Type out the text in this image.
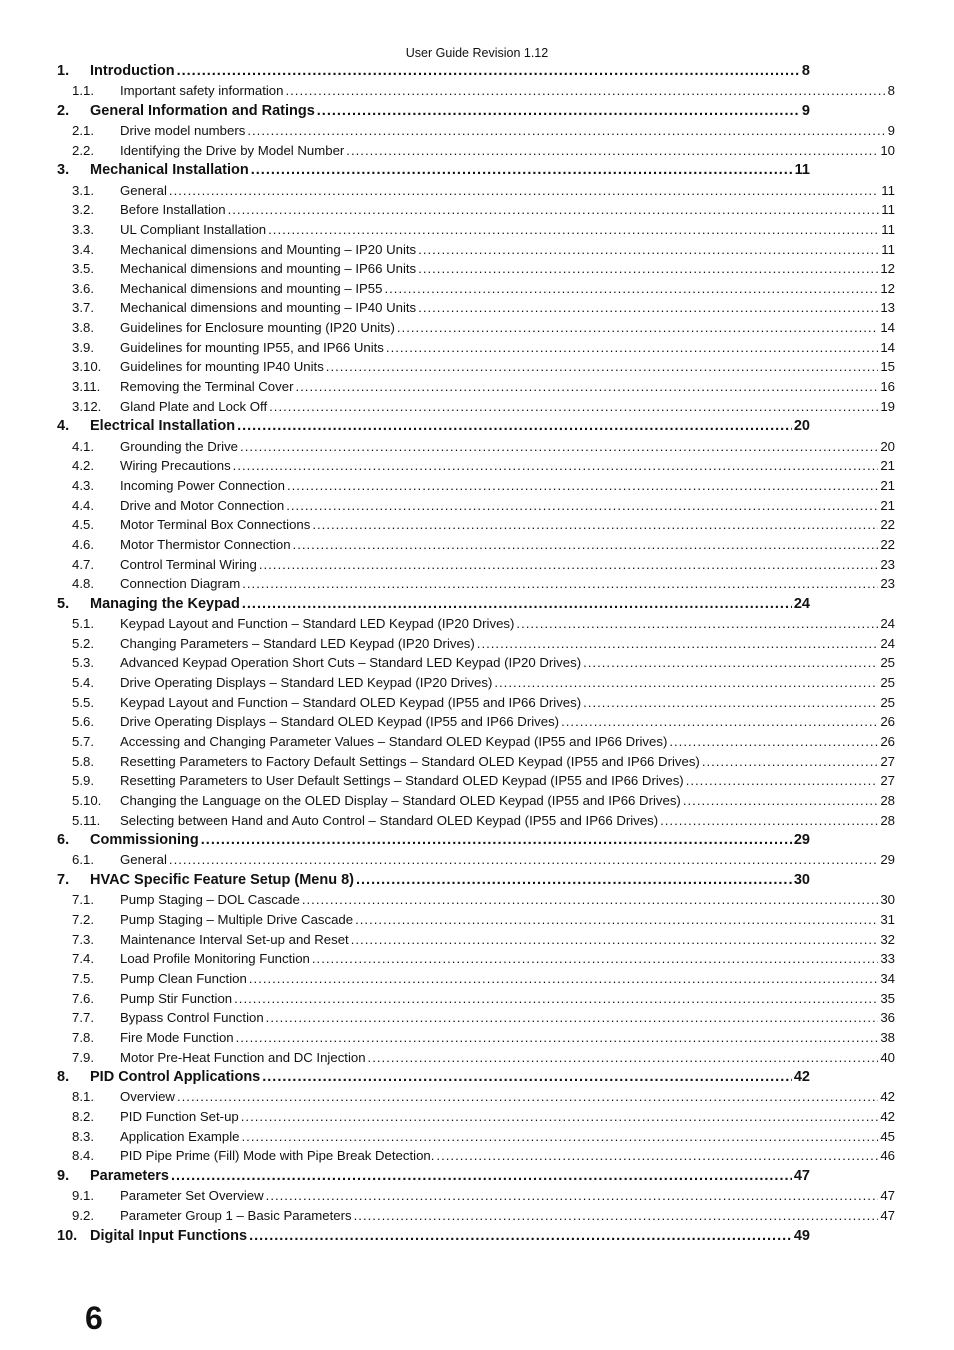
User Guide Revision 1.12
1.	Introduction .....	8
1.1.	Important safety information .....	8
2.	General Information and Ratings .....	9
2.1.	Drive model numbers .....	9
2.2.	Identifying the Drive by Model Number .....	10
3.	Mechanical Installation .....	11
3.1.	General .....	11
3.2.	Before Installation .....	11
3.3.	UL Compliant Installation .....	11
3.4.	Mechanical dimensions and Mounting – IP20 Units .....	11
3.5.	Mechanical dimensions and mounting – IP66 Units .....	12
3.6.	Mechanical dimensions and mounting – IP55 .....	12
3.7.	Mechanical dimensions and mounting – IP40 Units .....	13
3.8.	Guidelines for Enclosure mounting (IP20 Units) .....	14
3.9.	Guidelines for mounting IP55, and IP66 Units .....	14
3.10.	Guidelines for mounting IP40 Units .....	15
3.11.	Removing the Terminal Cover .....	16
3.12.	Gland Plate and Lock Off .....	19
4.	Electrical Installation .....	20
4.1.	Grounding the Drive .....	20
4.2.	Wiring Precautions .....	21
4.3.	Incoming Power Connection .....	21
4.4.	Drive and Motor Connection .....	21
4.5.	Motor Terminal Box Connections .....	22
4.6.	Motor Thermistor Connection .....	22
4.7.	Control Terminal Wiring .....	23
4.8.	Connection Diagram .....	23
5.	Managing the Keypad .....	24
5.1.	Keypad Layout and Function – Standard LED Keypad (IP20 Drives) .....	24
5.2.	Changing Parameters – Standard LED Keypad (IP20 Drives) .....	24
5.3.	Advanced Keypad Operation Short Cuts – Standard LED Keypad (IP20 Drives) .....	25
5.4.	Drive Operating Displays – Standard LED Keypad (IP20 Drives) .....	25
5.5.	Keypad Layout and Function – Standard OLED Keypad (IP55 and IP66 Drives) .....	25
5.6.	Drive Operating Displays – Standard OLED Keypad (IP55 and IP66 Drives) .....	26
5.7.	Accessing and Changing Parameter Values – Standard OLED Keypad (IP55 and IP66 Drives) .....	26
5.8.	Resetting Parameters to Factory Default Settings – Standard OLED Keypad (IP55 and IP66 Drives) .....	27
5.9.	Resetting Parameters to User Default Settings – Standard OLED Keypad (IP55 and IP66 Drives) .....	27
5.10.	Changing the Language on the OLED Display – Standard OLED Keypad (IP55 and IP66 Drives) .....	28
5.11.	Selecting between Hand and Auto Control – Standard OLED Keypad (IP55 and IP66 Drives) .....	28
6.	Commissioning .....	29
6.1.	General .....	29
7.	HVAC Specific Feature Setup (Menu 8) .....	30
7.1.	Pump Staging – DOL Cascade .....	30
7.2.	Pump Staging – Multiple Drive Cascade .....	31
7.3.	Maintenance Interval Set-up and Reset .....	32
7.4.	Load Profile Monitoring Function .....	33
7.5.	Pump Clean Function .....	34
7.6.	Pump Stir Function .....	35
7.7.	Bypass Control Function .....	36
7.8.	Fire Mode Function .....	38
7.9.	Motor Pre-Heat Function and DC Injection .....	40
8.	PID Control Applications .....	42
8.1.	Overview .....	42
8.2.	PID Function Set-up .....	42
8.3.	Application Example .....	45
8.4.	PID Pipe Prime (Fill) Mode with Pipe Break Detection. .....	46
9.	Parameters .....	47
9.1.	Parameter Set Overview .....	47
9.2.	Parameter Group 1 – Basic Parameters .....	47
10. Digital Input Functions .....	49
6
